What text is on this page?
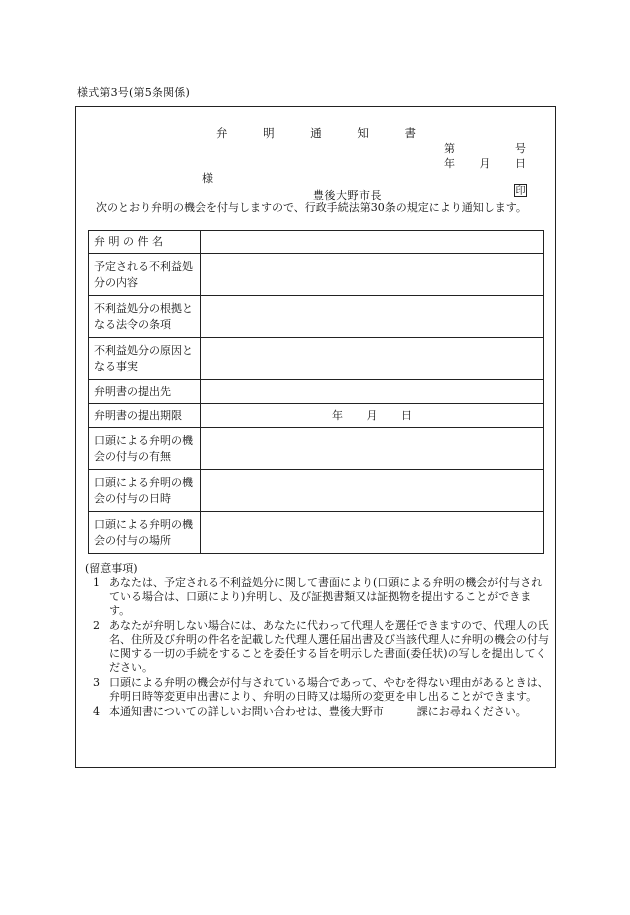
様式第3号(第5条関係)
弁	明	通	知	書
第	号
年 月 日
様
豊後大野市長	印
次のとおり弁明の機会を付与しますので、行政手続法第30条の規定により通知します。
弁 明 の 件 名	
予定される不利益処分の内容	
不利益処分の根拠となる法令の条項	
不利益処分の原因となる事実	
弁明書の提出先	
弁明書の提出期限	年 月 日

口頭による弁明の機会の付与の有無	
口頭による弁明の機会の付与の日時	
口頭による弁明の機会の付与の場所	
(留意事項)
1 あなたは、予定される不利益処分に関して書面により(口頭による弁明の機会が付与されている場合は、口頭により)弁明し、及び証拠書類又は証拠物を提出することができます。
2 あなたが弁明しない場合には、あなたに代わって代理人を選任できますので、代理人の氏名、住所及び弁明の件名を記載した代理人選任届出書及び当該代理人に弁明の機会の付与に関する一切の手続をすることを委任する旨を明示した書面(委任状)の写しを提出してください。
3 口頭による弁明の機会が付与されている場合であって、やむを得ない理由があるときは、弁明日時等変更申出書により、弁明の日時又は場所の変更を申し出ることができます。
4 本通知書についての詳しいお問い合わせは、豊後大野市　　　課にお尋ねください。
